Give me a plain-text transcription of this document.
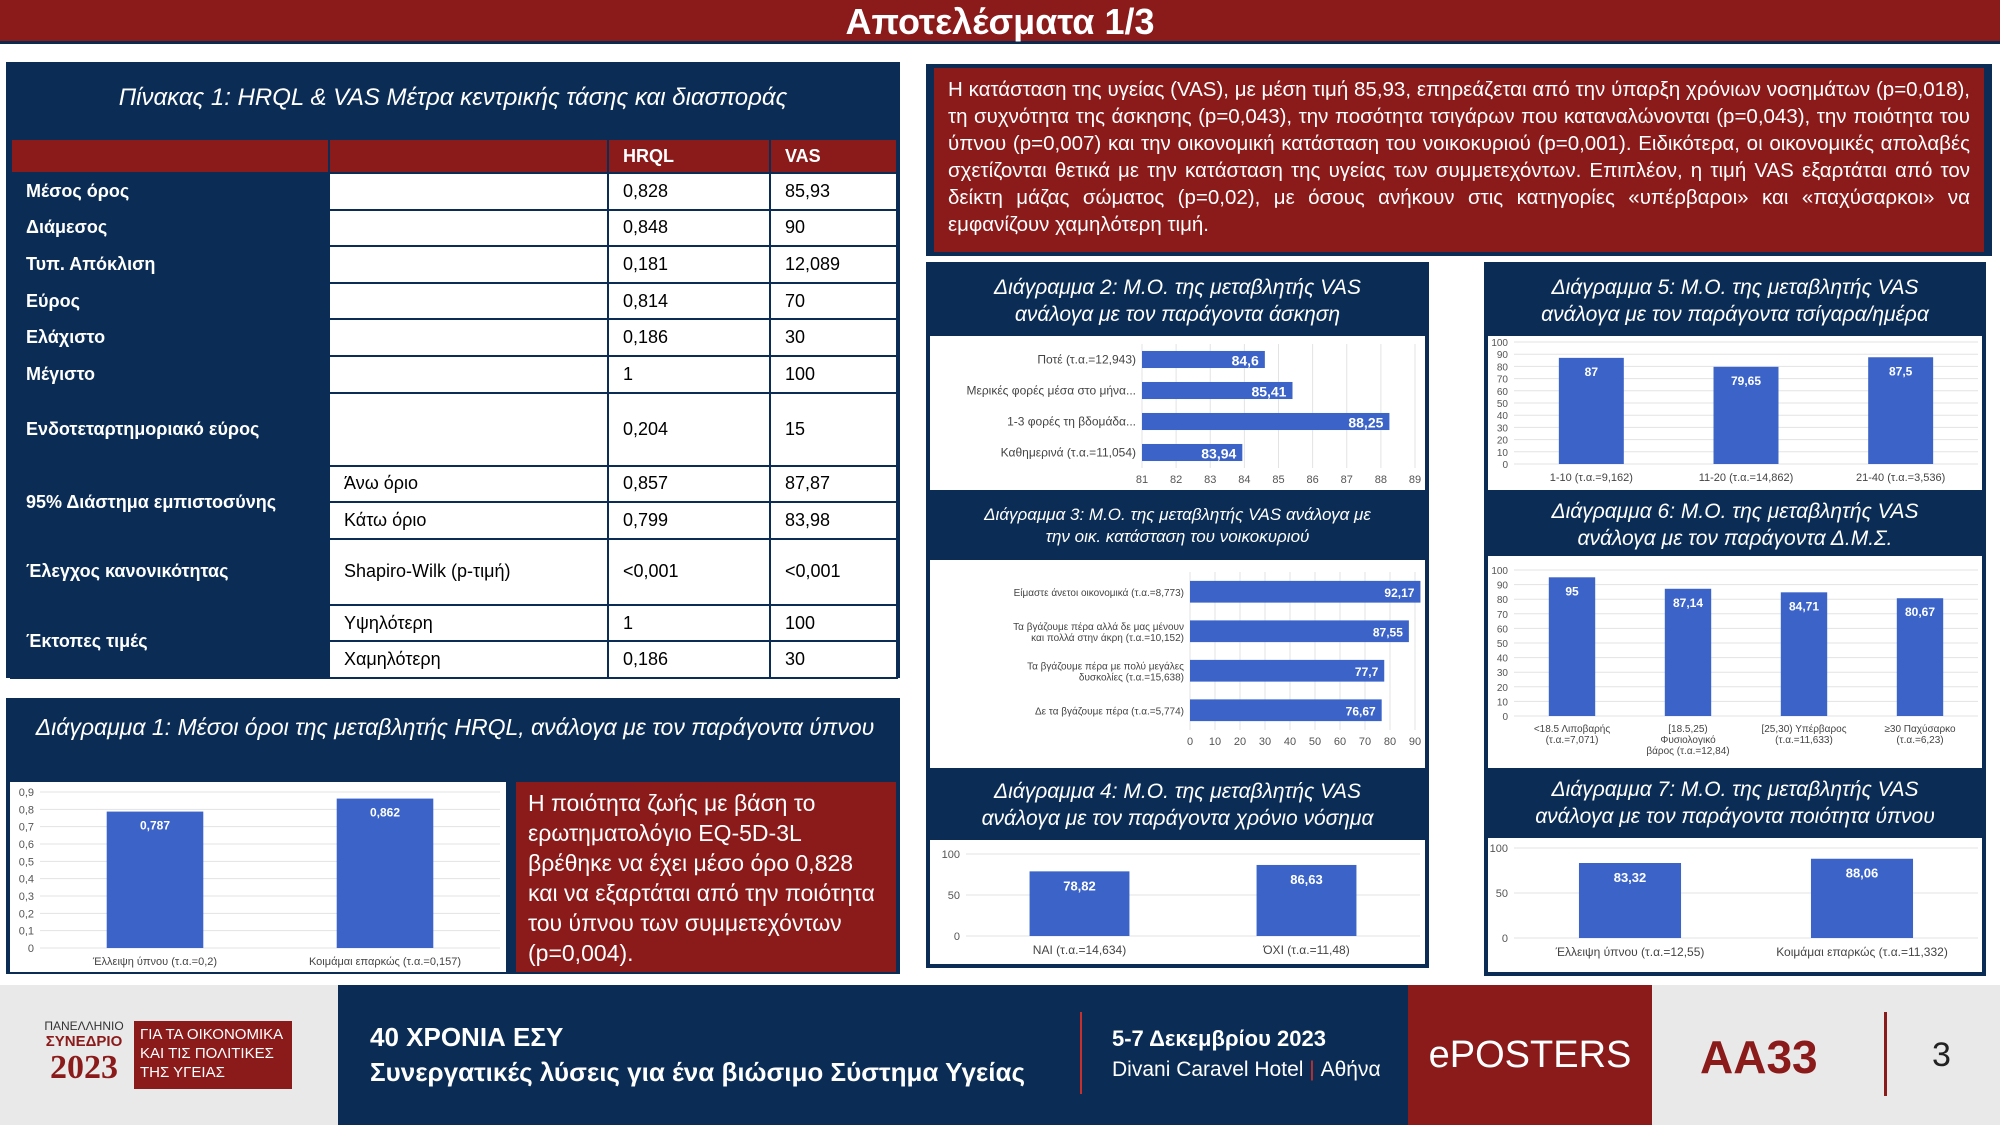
Αποτελέσματα 1/3
Πίνακας 1: HRQL & VAS Μέτρα κεντρικής τάσης και διασποράς
		HRQL	VAS
Μέσος όρος		0,828	85,93
Διάμεσος		0,848	90
Τυπ. Απόκλιση		0,181	12,089
Εύρος		0,814	70
Ελάχιστο		0,186	30
Μέγιστο		1	100
Ενδοτεταρτημοριακό εύρος		0,204	15
95% Διάστημα εμπιστοσύνης	Άνω όριο	0,857	87,87
	Κάτω όριο	0,799	83,98
Έλεγχος κανονικότητας	Shapiro-Wilk (p-τιμή)	<0,001	<0,001
Έκτοπες τιμές	Υψηλότερη	1	100
	Χαμηλότερη	0,186	30
Διάγραμμα 1: Μέσοι όροι της μεταβλητής HRQL, ανάλογα με τον παράγοντα ύπνου
0
0,1
0,2
0,3
0,4
0,5
0,6
0,7
0,8
0,9
0,787
Έλλειψη ύπνου (τ.α.=0,2)
0,862
Κοιμάμαι επαρκώς (τ.α.=0,157)
Η ποιότητα ζωής με βάση το ερωτηματολόγιο EQ-5D-3L βρέθηκε να έχει μέσο όρο 0,828 και να εξαρτάται από την ποιότητα του ύπνου των συμμετεχόντων (p=0,004).
Η κατάσταση της υγείας (VAS), με μέση τιμή 85,93, επηρεάζεται από την ύπαρξη χρόνιων νοσημάτων (p=0,018), τη συχνότητα της άσκησης (p=0,043), την ποσότητα τσιγάρων που καταναλώνονται (p=0,043), την ποιότητα του ύπνου (p=0,007) και την οικονομική κατάσταση του νοικοκυριού (p=0,001). Ειδικότερα, οι οικονομικές απολαβές σχετίζονται θετικά με την κατάσταση της υγείας των συμμετεχόντων. Επιπλέον, η τιμή VAS εξαρτάται από τον δείκτη μάζας σώματος (p=0,02), με όσους ανήκουν στις κατηγορίες «υπέρβαροι» και «παχύσαρκοι» να εμφανίζουν χαμηλότερη τιμή.
Διάγραμμα 2: Μ.Ο. της μεταβλητής VAS
ανάλογα με τον παράγοντα άσκηση
81 82 83 84 85 86 87 88 89
84,6
Ποτέ (τ.α.=12,943)
85,41
Μερικές φορές μέσα στο μήνα...
88,25
1-3 φορές τη βδομάδα...
83,94
Καθημερινά (τ.α.=11,054)
Διάγραμμα 3: Μ.Ο. της μεταβλητής VAS ανάλογα με
την οικ. κατάσταση του νοικοκυριού
0 10 20 30 40 50 60 70 80 90
92,17
Είμαστε άνετοι οικονομικά (τ.α.=8,773)
87,55
Τα βγάζουμε πέρα αλλά δε μας μένουν και πολλά στην άκρη (τ.α.=10,152)
77,7
Τα βγάζουμε πέρα με πολύ μεγάλες δυσκολίες (τ.α.=15,638)
76,67
Δε τα βγάζουμε πέρα (τ.α.=5,774)
Διάγραμμα 4: Μ.Ο. της μεταβλητής VAS
ανάλογα με τον παράγοντα χρόνιο νόσημα
0
50
100
78,82
ΝΑΙ (τ.α.=14,634)
86,63
ΌΧΙ (τ.α.=11,48)
Διάγραμμα 5: Μ.Ο. της μεταβλητής VAS
ανάλογα με τον παράγοντα τσίγαρα/ημέρα
0
10
20
30
40
50
60
70
80
90
100
87
1-10 (τ.α.=9,162)
79,65
11-20 (τ.α.=14,862)
87,5
21-40 (τ.α.=3,536)
Διάγραμμα 6: Μ.Ο. της μεταβλητής VAS
ανάλογα με τον παράγοντα Δ.Μ.Σ.
0
10
20
30
40
50
60
70
80
90
100
95
<18.5 Λιποβαρής (τ.α.=7,071)
87,14
[18.5,25) Φυσιολογικό βάρος (τ.α.=12,84)
84,71
[25,30) Υπέρβαρος (τ.α.=11,633)
80,67
≥30 Παχύσαρκο (τ.α.=6,23)
Διάγραμμα 7: Μ.Ο. της μεταβλητής VAS
ανάλογα με τον παράγοντα ποιότητα ύπνου
0
50
100
83,32
Έλλειψη ύπνου (τ.α.=12,55)
88,06
Κοιμάμαι επαρκώς (τ.α.=11,332)
ΠΑΝΕΛΛΗΝΙΟ
ΣΥΝΕΔΡΙΟ
2023
ΓΙΑ ΤΑ ΟΙΚΟΝΟΜΙΚΑ
ΚΑΙ ΤΙΣ ΠΟΛΙΤΙΚΕΣ
ΤΗΣ ΥΓΕΙΑΣ
40 ΧΡΟΝΙΑ ΕΣΥ
Συνεργατικές λύσεις για ένα βιώσιμο Σύστημα Υγείας
5-7 Δεκεμβρίου 2023
Divani Caravel Hotel | Αθήνα	ePOSTERS	ΑΑ33	3
